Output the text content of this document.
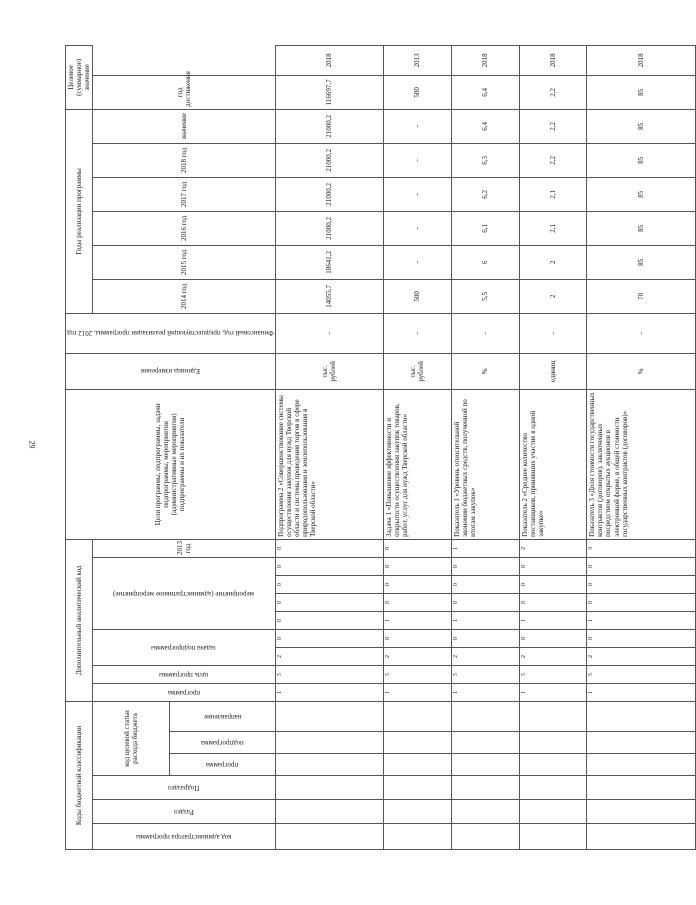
29
Коды бюджетной классификации						Дополнительный аналитический код									Цели программы, подпрограммы, задачи подпрограммы, мероприятия (административные мероприятия) подпрограммы и их показатели	Единица измерения	Финансовый год, предшествующий реализации программы, 2012 год	Годы реализации программы						Целевое (суммарное) значение	

код администратора программы	Раздел	Подраздел	код целевой статьи расхода бюджета			программа	цель программы	задача подпрограммы		мероприятие (административное мероприятие)				2013 год				2014 год	2015 год	2016 год	2017 год	2018 год	значение	год достижения	

			программа	подпрограмма	направление																				

						1	5	2	0	0	0	0	0	0	Подпрограмма 2 «Совершенствование системы осуществления закупок для нужд Тверской области и системы проведения торгов в сфере природопользования и землепользования в Тверской области»	тыс. рублей	-	14055,7	18641,2	21000,2	21000,2	21000,2	21000,2	116697,7	2018
						1	5	2	0	1	0	0	0	0	Задача 1 «Повышение эффективности и открытости осуществления закупок товаров, работ, услуг для нужд Тверской области»	тыс. рублей	-	500	-	-	-	-	-	500	2013
						1	5	2	0	1	0	0	0	1	Показатель 1 «Уровень относительной экономии бюджетных средств, полученной по итогам закупок»	%	-	5,5	6	6,1	6,2	6,3	6,4	6,4	2018
						1	5	2	0	1	0	0	0	2	Показатель 2 «Среднее количество поставщиков, принявших участие в одной закупке»	единиц	-	2	2	2,1	2,1	2,2	2,2	2,2	2018
						1	5	2	0	1	0	0	0	3	Показатель 3 «Доля стоимости государственных контрактов (договоров), заключенных посредством открытых аукционов в электронной форме, в общей стоимости государственных контрактов (договоров)»	%	-	70	85	85	85	85	85	85	2018
